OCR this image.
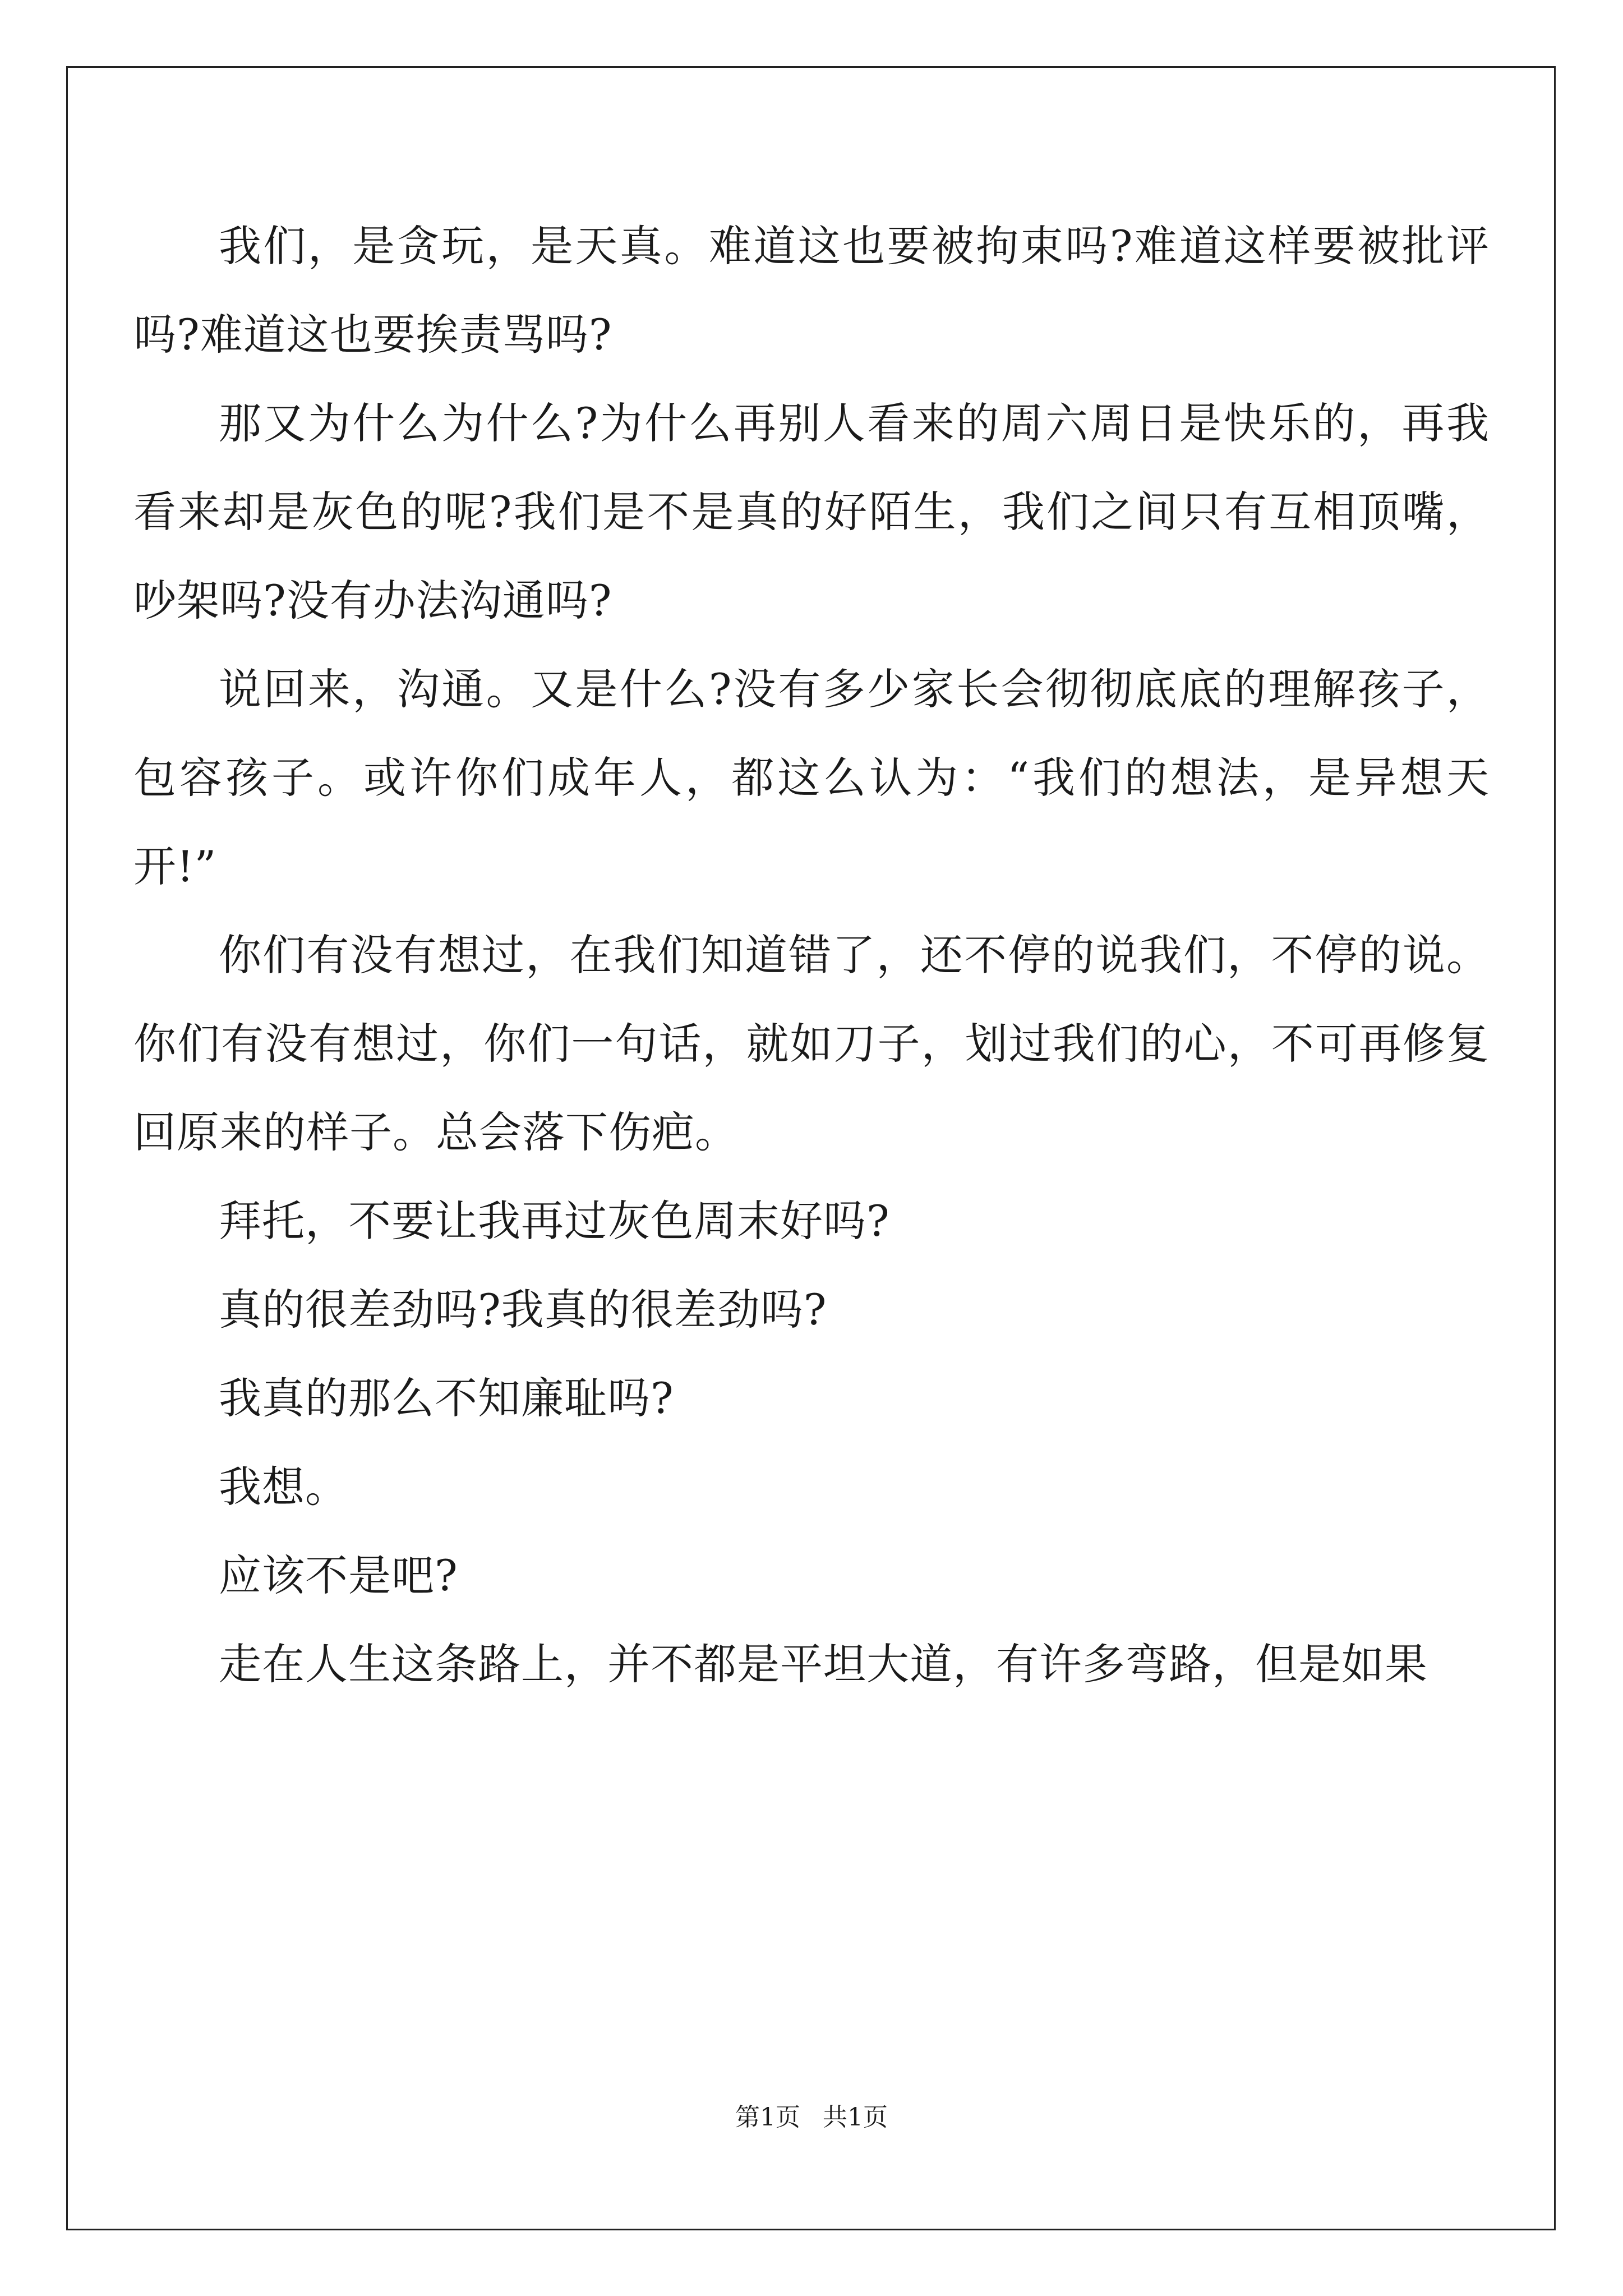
我们，是贪玩，是天真。难道这也要被拘束吗?难道这样要被批评吗?难道这也要挨责骂吗?

那又为什么为什么?为什么再别人看来的周六周日是快乐的，再我看来却是灰色的呢?我们是不是真的好陌生，我们之间只有互相顶嘴，吵架吗?没有办法沟通吗?

说回来，沟通。又是什么?没有多少家长会彻彻底底的理解孩子，包容孩子。或许你们成年人，都这么认为：“我们的想法，是异想天开!”

你们有没有想过，在我们知道错了，还不停的说我们，不停的说。你们有没有想过，你们一句话，就如刀子，划过我们的心，不可再修复回原来的样子。总会落下伤疤。

拜托，不要让我再过灰色周末好吗?

真的很差劲吗?我真的很差劲吗?

我真的那么不知廉耻吗?

我想。

应该不是吧?

走在人生这条路上，并不都是平坦大道，有许多弯路，但是如果

第1页 共1页
